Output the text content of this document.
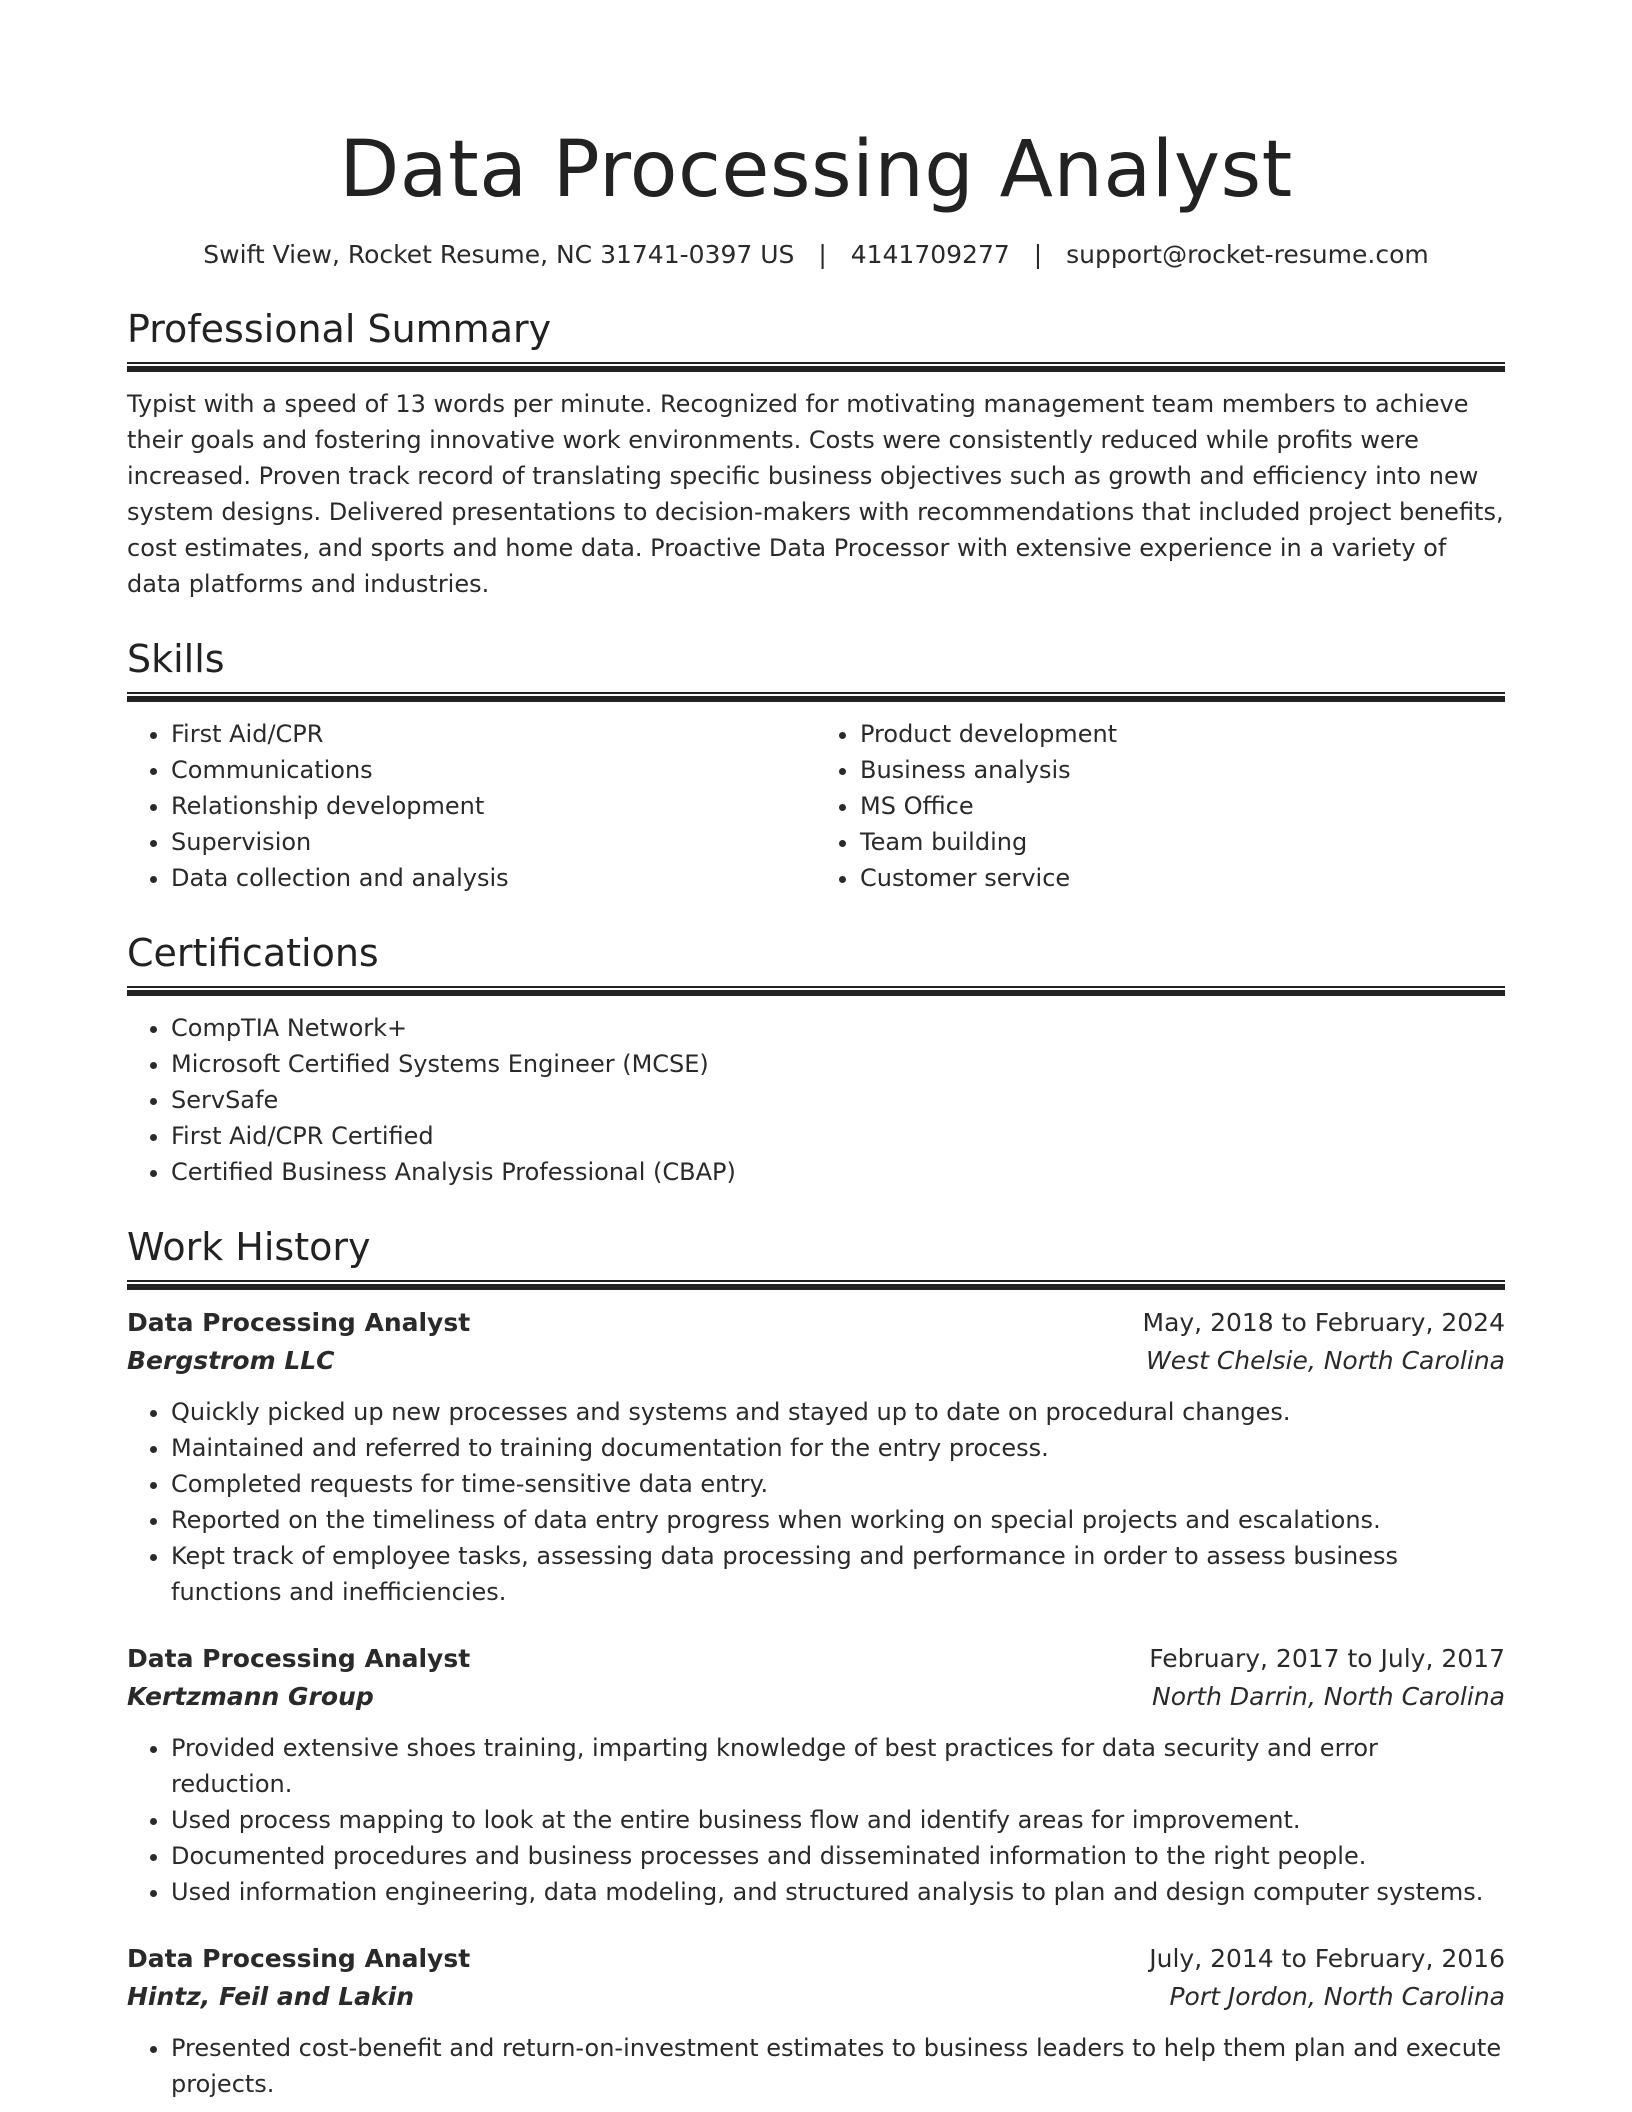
Data Processing Analyst
Swift View, Rocket Resume, NC 31741-0397 US | 4141709277 | support@rocket-resume.com
Professional Summary

Typist with a speed of 13 words per minute. Recognized for motivating management team members to achieve their goals and fostering innovative work environments. Costs were consistently reduced while profits were increased. Proven track record of translating specific business objectives such as growth and efficiency into new system designs. Delivered presentations to decision-makers with recommendations that included project benefits, cost estimates, and sports and home data. Proactive Data Processor with extensive experience in a variety of data platforms and industries.

Skills
• First Aid/CPR
• Communications
• Relationship development
• Supervision
• Data collection and analysis
• Product development
• Business analysis
• MS Office
• Team building
• Customer service
Certifications
• CompTIA Network+
• Microsoft Certified Systems Engineer (MCSE)
• ServSafe
• First Aid/CPR Certified
• Certified Business Analysis Professional (CBAP)
Work History
Data Processing Analyst	May, 2018 to February, 2024
Bergstrom LLC	West Chelsie, North Carolina
• Quickly picked up new processes and systems and stayed up to date on procedural changes.
• Maintained and referred to training documentation for the entry process.
• Completed requests for time-sensitive data entry.
• Reported on the timeliness of data entry progress when working on special projects and escalations.
• Kept track of employee tasks, assessing data processing and performance in order to assess business functions and inefficiencies.
Data Processing Analyst	February, 2017 to July, 2017
Kertzmann Group	North Darrin, North Carolina
• Provided extensive shoes training, imparting knowledge of best practices for data security and error reduction.
• Used process mapping to look at the entire business flow and identify areas for improvement.
• Documented procedures and business processes and disseminated information to the right people.
• Used information engineering, data modeling, and structured analysis to plan and design computer systems.
Data Processing Analyst	July, 2014 to February, 2016
Hintz, Feil and Lakin	Port Jordon, North Carolina
• Presented cost-benefit and return-on-investment estimates to business leaders to help them plan and execute projects.
